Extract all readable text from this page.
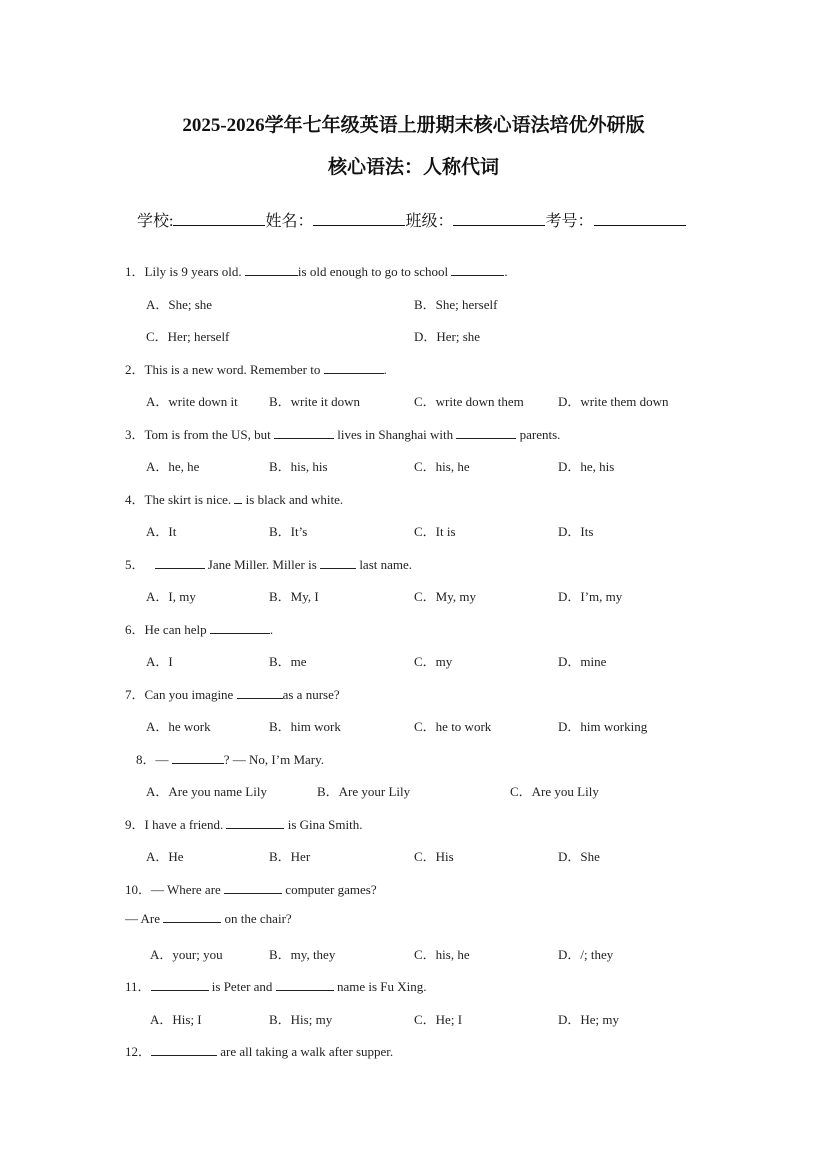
2025-2026学年七年级英语上册期末核心语法培优外研版
核心语法：人称代词
学校:	姓名：	班级：	考号：
1．Lily is 9 years old.	is old enough to go to school	.
A．She; she	B．She; herself
C．Her; herself	D．Her; she
2．This is a new word. Remember to	.
A．write down it B．write it down	C．write down them	D．write them down
3．Tom is from the US, but	lives in Shanghai with	parents.
A．he, he	B．his, his	C．his, he	D．he, his
4．The skirt is nice.  is black and white.
A．It	B．It’s	C．It is	D．Its
5．	Jane Miller. Miller is	last name.
A．I, my	B．My, I	C．My, my	D．I’m, my
6．He can help	.
A．I	B．me	C．my	D．mine
7．Can you imagine	as a nurse?
A．he work	B．him work	C．he to work	D．him working
8．—	? — No, I’m Mary.
A．Are you name Lily	B．Are your Lily	C．Are you Lily
9．I have a friend.	is Gina Smith.
A．He	B．Her	C．His	D．She
10．— Where are	computer games?
— Are	on the chair?
A．your; you	B．my, they	C．his, he	D．/; they
11．	is Peter and	name is Fu Xing.
A．His; I	B．His; my	C．He; I	D．He; my
12．	are all taking a walk after supper.
